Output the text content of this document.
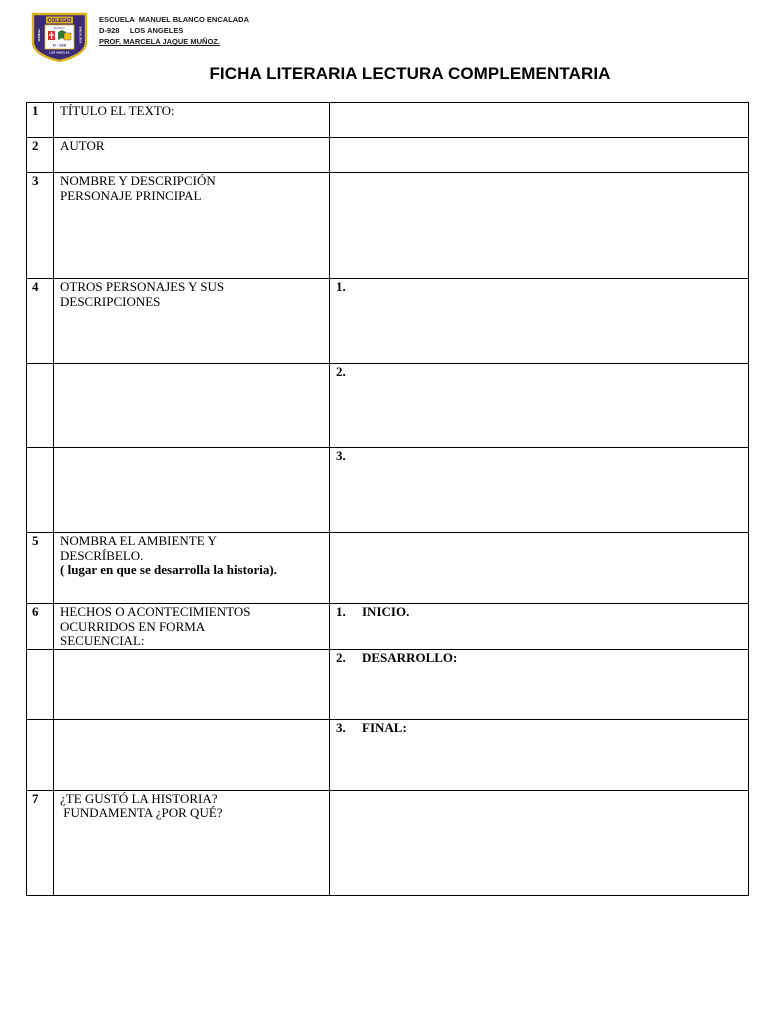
COLEGIO
BLANCO
D - 928
MANUEL	ENCALADA
LOS ANGELES
ESCUELA  MANUEL BLANCO ENCALADA
D-928     LOS ANGELES
PROF. MARCELA JAQUE MUÑOZ.
FICHA LITERARIA LECTURA COMPLEMENTARIA
1	TÍTULO EL TEXTO:	
2	AUTOR	
3	NOMBRE Y DESCRIPCIÓN
PERSONAJE PRINCIPAL	

4	OTROS PERSONAJES Y SUS
DESCRIPCIONES	1.
		2.
		3.
5	NOMBRA EL AMBIENTE Y
DESCRÍBELO.
( lugar en que se desarrolla la historia).	

6	HECHOS O ACONTECIMIENTOS
OCURRIDOS EN FORMA
SECUENCIAL:	1. INICIO.
		2. DESARROLLO:
		3. FINAL:
7	¿TE GUSTÓ LA HISTORIA?
FUNDAMENTA ¿POR QUÉ?	
